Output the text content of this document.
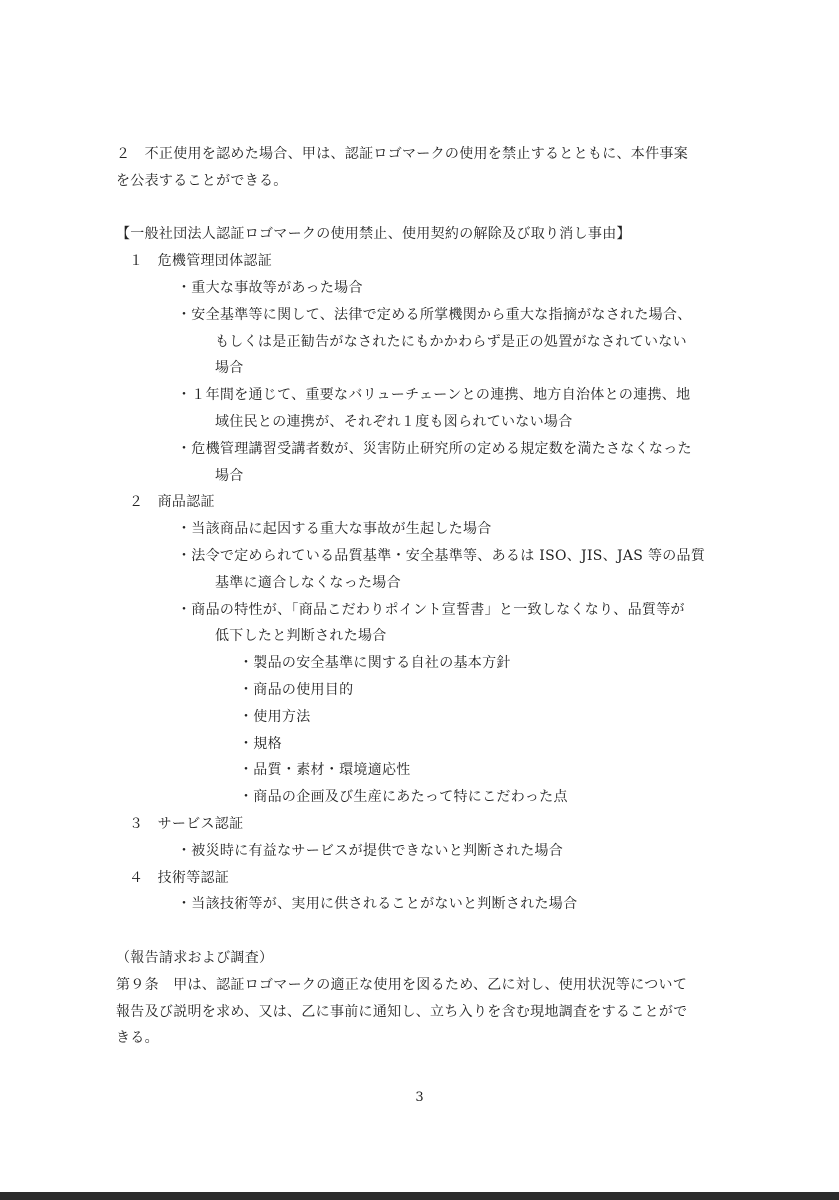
２　不正使用を認めた場合、甲は、認証ロゴマークの使用を禁止するとともに、本件事案
を公表することができる。
【一般社団法人認証ロゴマークの使用禁止、使用契約の解除及び取り消し事由】
１　危機管理団体認証
・重大な事故等があった場合
・安全基準等に関して、法律で定める所掌機関から重大な指摘がなされた場合、
もしくは是正勧告がなされたにもかかわらず是正の処置がなされていない
場合
・１年間を通じて、重要なバリューチェーンとの連携、地方自治体との連携、地
域住民との連携が、それぞれ１度も図られていない場合
・危機管理講習受講者数が、災害防止研究所の定める規定数を満たさなくなった
場合
２　商品認証
・当該商品に起因する重大な事故が生起した場合
・法令で定められている品質基準・安全基準等、あるは ISO、JIS、JAS 等の品質
基準に適合しなくなった場合
・商品の特性が、「商品こだわりポイント宣誓書」と一致しなくなり、品質等が
低下したと判断された場合
・製品の安全基準に関する自社の基本方針
・商品の使用目的
・使用方法
・規格
・品質・素材・環境適応性
・商品の企画及び生産にあたって特にこだわった点
３　サービス認証
・被災時に有益なサービスが提供できないと判断された場合
４　技術等認証
・当該技術等が、実用に供されることがないと判断された場合
（報告請求および調査）
第９条　甲は、認証ロゴマークの適正な使用を図るため、乙に対し、使用状況等について
報告及び説明を求め、又は、乙に事前に通知し、立ち入りを含む現地調査をすることがで
きる。
3
